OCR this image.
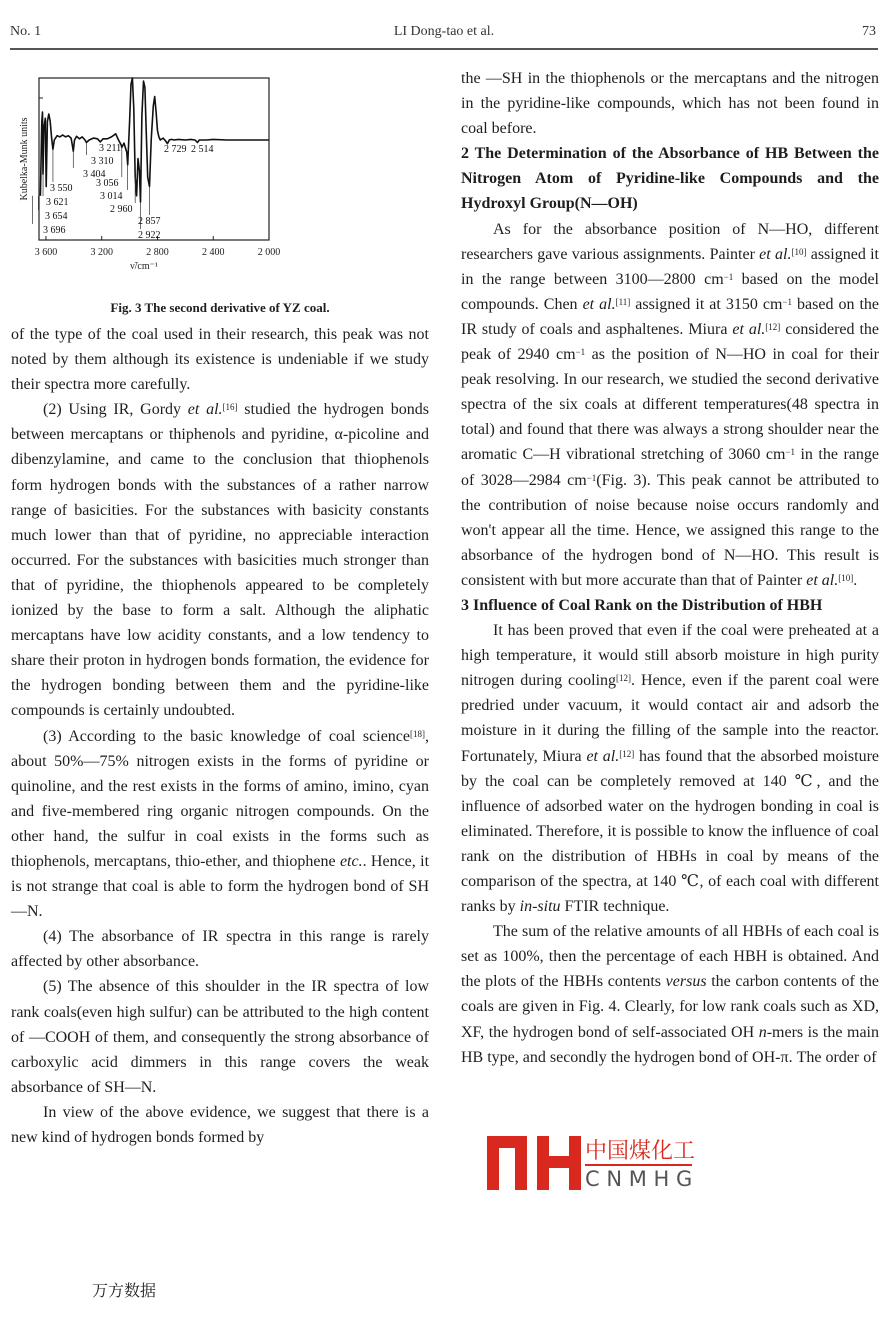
No. 1	LI Dong-tao et al.	73
3 600	3 200	2 800	2 400	2 000
ν̃/cm⁻¹
Kubelka-Munk units
3 696
3 654
3 621
3 550
3 404
3 310
3 211
3 056
3 014
2 960
2 922
2 857
2 729 2 514

Fig. 3 The second derivative of YZ coal.

of the type of the coal used in their research, this peak was not noted by them although its existence is undeniable if we study their spectra more carefully.

(2) Using IR, Gordy et al.[16] studied the hydrogen bonds between mercaptans or thiphenols and pyridine, α-picoline and dibenzylamine, and came to the conclusion that thiophenols form hydrogen bonds with the substances of a rather narrow range of basicities. For the substances with basicity constants much lower than that of pyridine, no appreciable interaction occurred. For the substances with basicities much stronger than that of pyridine, the thiophenols appeared to be completely ionized by the base to form a salt. Although the aliphatic mercaptans have low acidity constants, and a low tendency to share their proton in hydrogen bonds formation, the evidence for the hydrogen bonding between them and the pyridine-like compounds is certainly undoubted.

(3) According to the basic knowledge of coal science[18], about 50%—75% nitrogen exists in the forms of pyridine or quinoline, and the rest exists in the forms of amino, imino, cyan and five-membered ring organic nitrogen compounds. On the other hand, the sulfur in coal exists in the forms such as thiophenols, mercaptans, thio-ether, and thiophene etc.. Hence, it is not strange that coal is able to form the hydrogen bond of SH—N.

(4) The absorbance of IR spectra in this range is rarely affected by other absorbance.

(5) The absence of this shoulder in the IR spectra of low rank coals(even high sulfur) can be attributed to the high content of —COOH of them, and consequently the strong absorbance of carboxylic acid dimmers in this range covers the weak absorbance of SH—N.

In view of the above evidence, we suggest that there is a new kind of hydrogen bonds formed by

the —SH in the thiophenols or the mercaptans and the nitrogen in the pyridine-like compounds, which has not been found in coal before.

2 The Determination of the Absorbance of HB Between the Nitrogen Atom of Pyridine-like Compounds and the Hydroxyl Group(N—OH)

As for the absorbance position of N—HO, different researchers gave various assignments. Painter et al.[10] assigned it in the range between 3100—2800 $cm^{-1}$ based on the model compounds. Chen et al.[11] assigned it at 3150 $cm^{-1}$ based on the IR study of coals and asphaltenes. Miura et al.[12] considered the peak of 2940 $cm^{-1}$ as the position of N—HO in coal for their peak resolving. In our research, we studied the second derivative spectra of the six coals at different temperatures(48 spectra in total) and found that there was always a strong shoulder near the aromatic C—H vibrational stretching of 3060 $cm^{-1}$ in the range of 3028—2984 $cm^{-1}(Fig$. 3). This peak cannot be attributed to the contribution of noise because noise occurs randomly and won't appear all the time. Hence, we assigned this range to the absorbance of the hydrogen bond of N—HO. This result is consistent with but more accurate than that of Painter et al.[10].

3 Influence of Coal Rank on the Distribution of HBH

It has been proved that even if the coal were preheated at a high temperature, it would still absorb moisture in high purity nitrogen during cooling[12]. Hence, even if the parent coal were predried under vacuum, it would contact air and adsorb the moisture in it during the filling of the sample into the reactor. Fortunately, Miura et al.[12] has found that the absorbed moisture by the coal can be completely removed at 140 ℃, and the influence of adsorbed water on the hydrogen bonding in coal is eliminated. Therefore, it is possible to know the influence of coal rank on the distribution of HBHs in coal by means of the comparison of the spectra, at 140 ℃, of each coal with different ranks by in-situ FTIR technique.

The sum of the relative amounts of all HBHs of each coal is set as 100%, then the percentage of each HBH is obtained. And the plots of the HBHs contents versus the carbon contents of the coals are given in Fig. 4. Clearly, for low rank coals such as XD, XF, the hydrogen bond of self-associated OH n-mers is the main HB type, and secondly the hydrogen bond of OH-π. The order of

中国煤化工
C N M H G
万方数据
